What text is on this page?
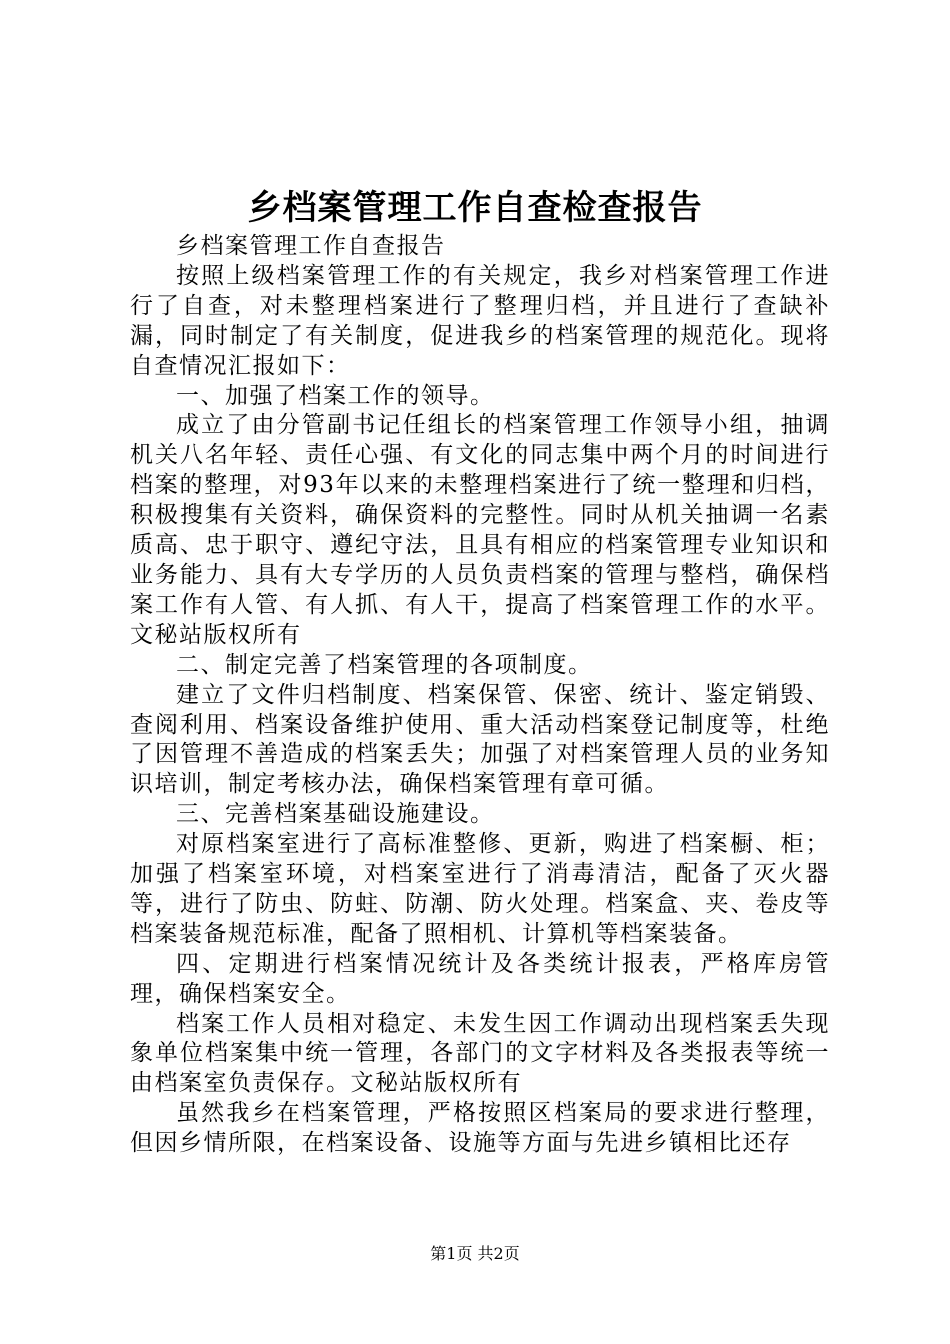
乡档案管理工作自查检查报告

乡档案管理工作自查报告

按照上级档案管理工作的有关规定，我乡对档案管理工作进行了自查，对未整理档案进行了整理归档，并且进行了查缺补漏，同时制定了有关制度，促进我乡的档案管理的规范化。现将自查情况汇报如下：

一、加强了档案工作的领导。

成立了由分管副书记任组长的档案管理工作领导小组，抽调机关八名年轻、责任心强、有文化的同志集中两个月的时间进行档案的整理，对93年以来的未整理档案进行了统一整理和归档，积极搜集有关资料，确保资料的完整性。同时从机关抽调一名素质高、忠于职守、遵纪守法，且具有相应的档案管理专业知识和业务能力、具有大专学历的人员负责档案的管理与整档，确保档案工作有人管、有人抓、有人干，提高了档案管理工作的水平。文秘站版权所有

二、制定完善了档案管理的各项制度。

建立了文件归档制度、档案保管、保密、统计、鉴定销毁、查阅利用、档案设备维护使用、重大活动档案登记制度等，杜绝了因管理不善造成的档案丢失；加强了对档案管理人员的业务知识培训，制定考核办法，确保档案管理有章可循。

三、完善档案基础设施建设。

对原档案室进行了高标准整修、更新，购进了档案橱、柜；加强了档案室环境，对档案室进行了消毒清洁，配备了灭火器等，进行了防虫、防蛀、防潮、防火处理。档案盒、夹、卷皮等档案装备规范标准，配备了照相机、计算机等档案装备。

四、定期进行档案情况统计及各类统计报表，严格库房管理，确保档案安全。

档案工作人员相对稳定、未发生因工作调动出现档案丢失现象单位档案集中统一管理，各部门的文字材料及各类报表等统一由档案室负责保存。文秘站版权所有

虽然我乡在档案管理，严格按照区档案局的要求进行整理，但因乡情所限，在档案设备、设施等方面与先进乡镇相比还存

第1页 共2页
